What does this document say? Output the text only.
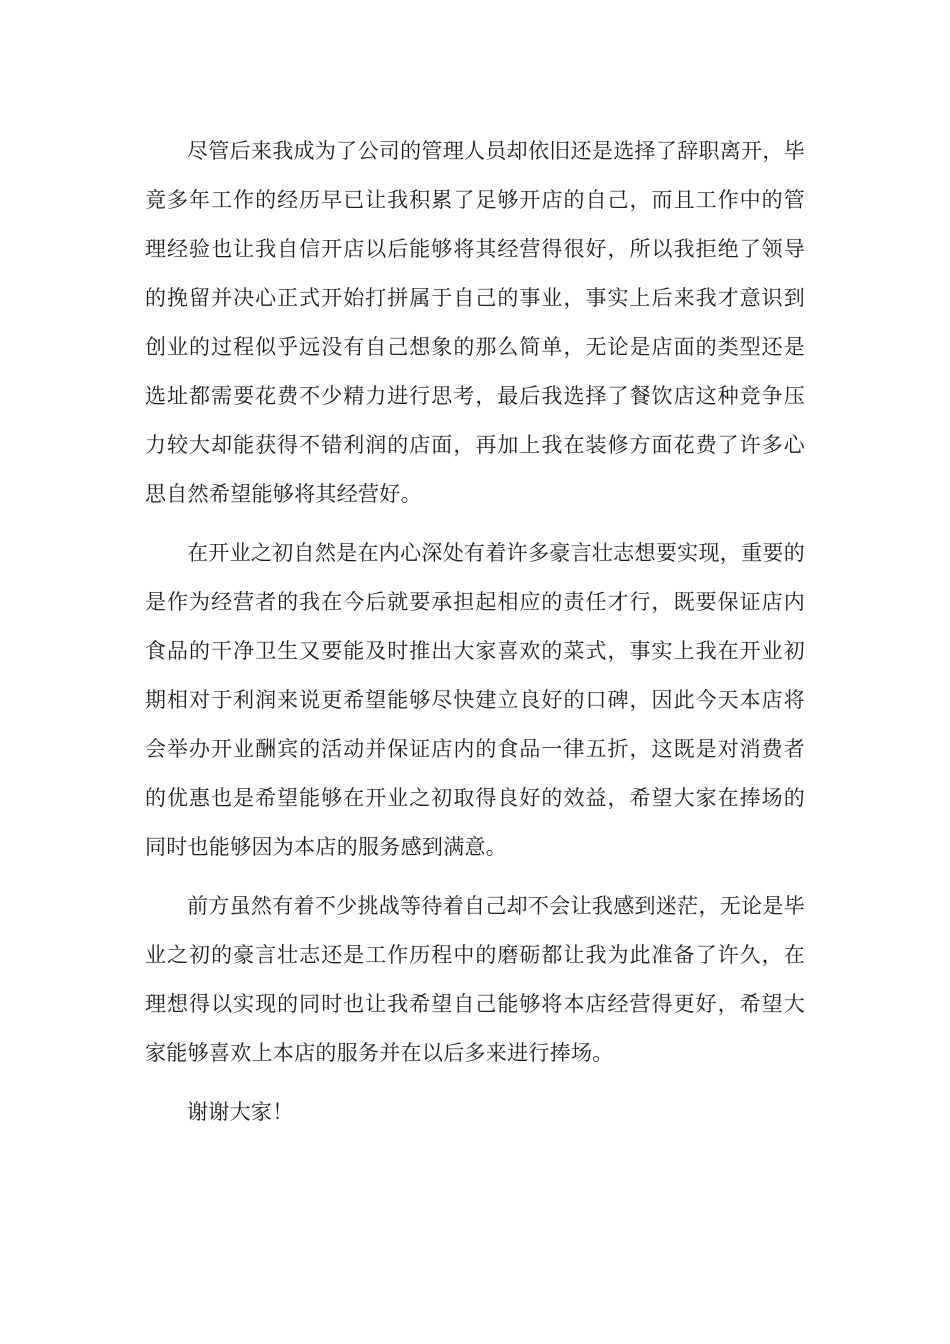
尽管后来我成为了公司的管理人员却依旧还是选择了辞职离开，毕竟多年工作的经历早已让我积累了足够开店的自己，而且工作中的管理经验也让我自信开店以后能够将其经营得很好，所以我拒绝了领导的挽留并决心正式开始打拼属于自己的事业，事实上后来我才意识到创业的过程似乎远没有自己想象的那么简单，无论是店面的类型还是选址都需要花费不少精力进行思考，最后我选择了餐饮店这种竞争压力较大却能获得不错利润的店面，再加上我在装修方面花费了许多心思自然希望能够将其经营好。

在开业之初自然是在内心深处有着许多豪言壮志想要实现，重要的是作为经营者的我在今后就要承担起相应的责任才行，既要保证店内食品的干净卫生又要能及时推出大家喜欢的菜式，事实上我在开业初期相对于利润来说更希望能够尽快建立良好的口碑，因此今天本店将会举办开业酬宾的活动并保证店内的食品一律五折，这既是对消费者的优惠也是希望能够在开业之初取得良好的效益，希望大家在捧场的同时也能够因为本店的服务感到满意。

前方虽然有着不少挑战等待着自己却不会让我感到迷茫，无论是毕业之初的豪言壮志还是工作历程中的磨砺都让我为此准备了许久，在理想得以实现的同时也让我希望自己能够将本店经营得更好，希望大家能够喜欢上本店的服务并在以后多来进行捧场。

谢谢大家！
